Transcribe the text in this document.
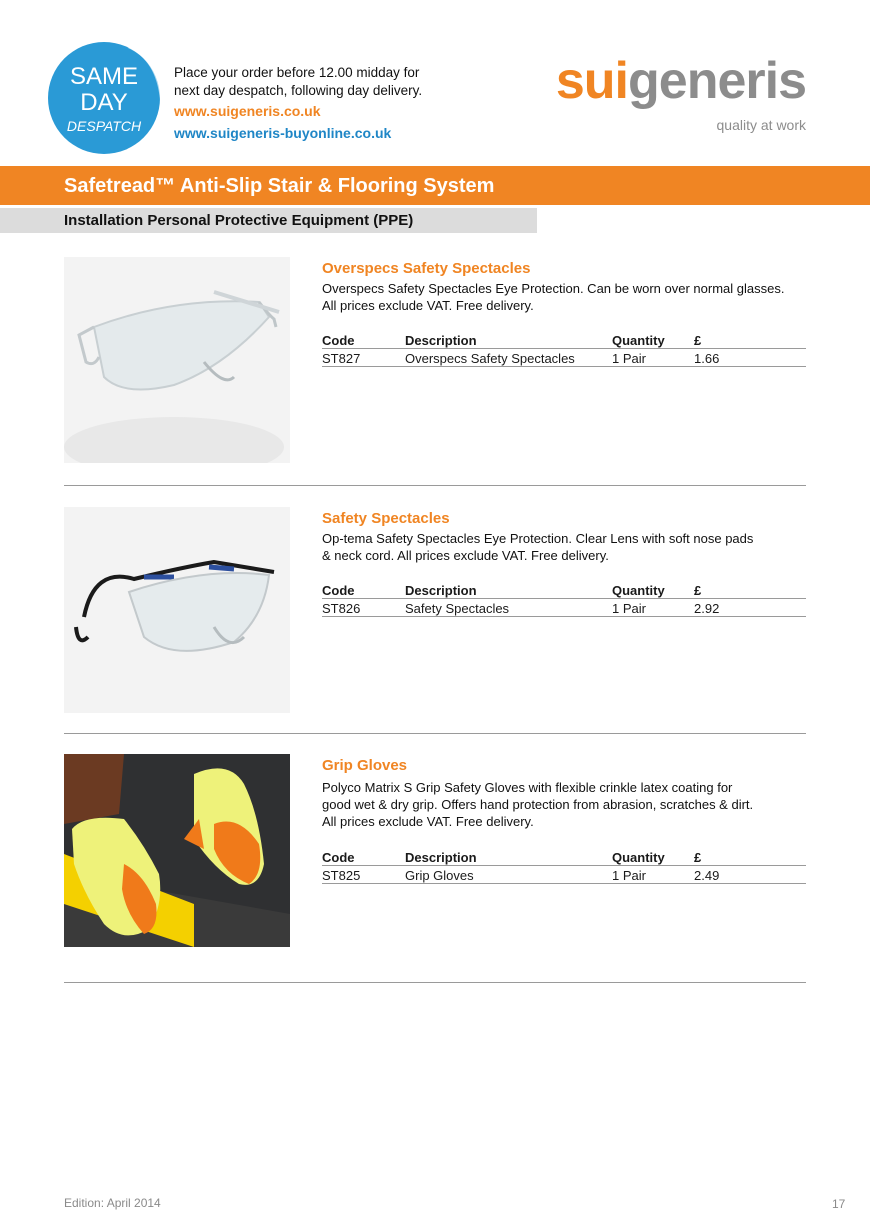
SAME
DAY
DESPATCH
Place your order before 12.00 midday for
next day despatch, following day delivery.
www.suigeneris.co.uk
www.suigeneris-buyonline.co.uk
suigeneris
quality at work
Safetread™ Anti-Slip Stair & Flooring System
Installation Personal Protective Equipment (PPE)
Overspecs Safety Spectacles
Overspecs Safety Spectacles Eye Protection. Can be worn over normal glasses.
All prices exclude VAT. Free delivery.
Code	Description	Quantity	£
ST827	Overspecs Safety Spectacles	1 Pair	1.66
Safety Spectacles
Op-tema Safety Spectacles Eye Protection. Clear Lens with soft nose pads
& neck cord. All prices exclude VAT. Free delivery.
Code	Description	Quantity	£
ST826	Safety Spectacles	1 Pair	2.92
Grip Gloves
Polyco Matrix S Grip Safety Gloves with flexible crinkle latex coating for
good wet & dry grip. Offers hand protection from abrasion, scratches & dirt.
All prices exclude VAT. Free delivery.
Code	Description	Quantity	£
ST825	Grip Gloves	1 Pair	2.49
Edition: April 2014	17
